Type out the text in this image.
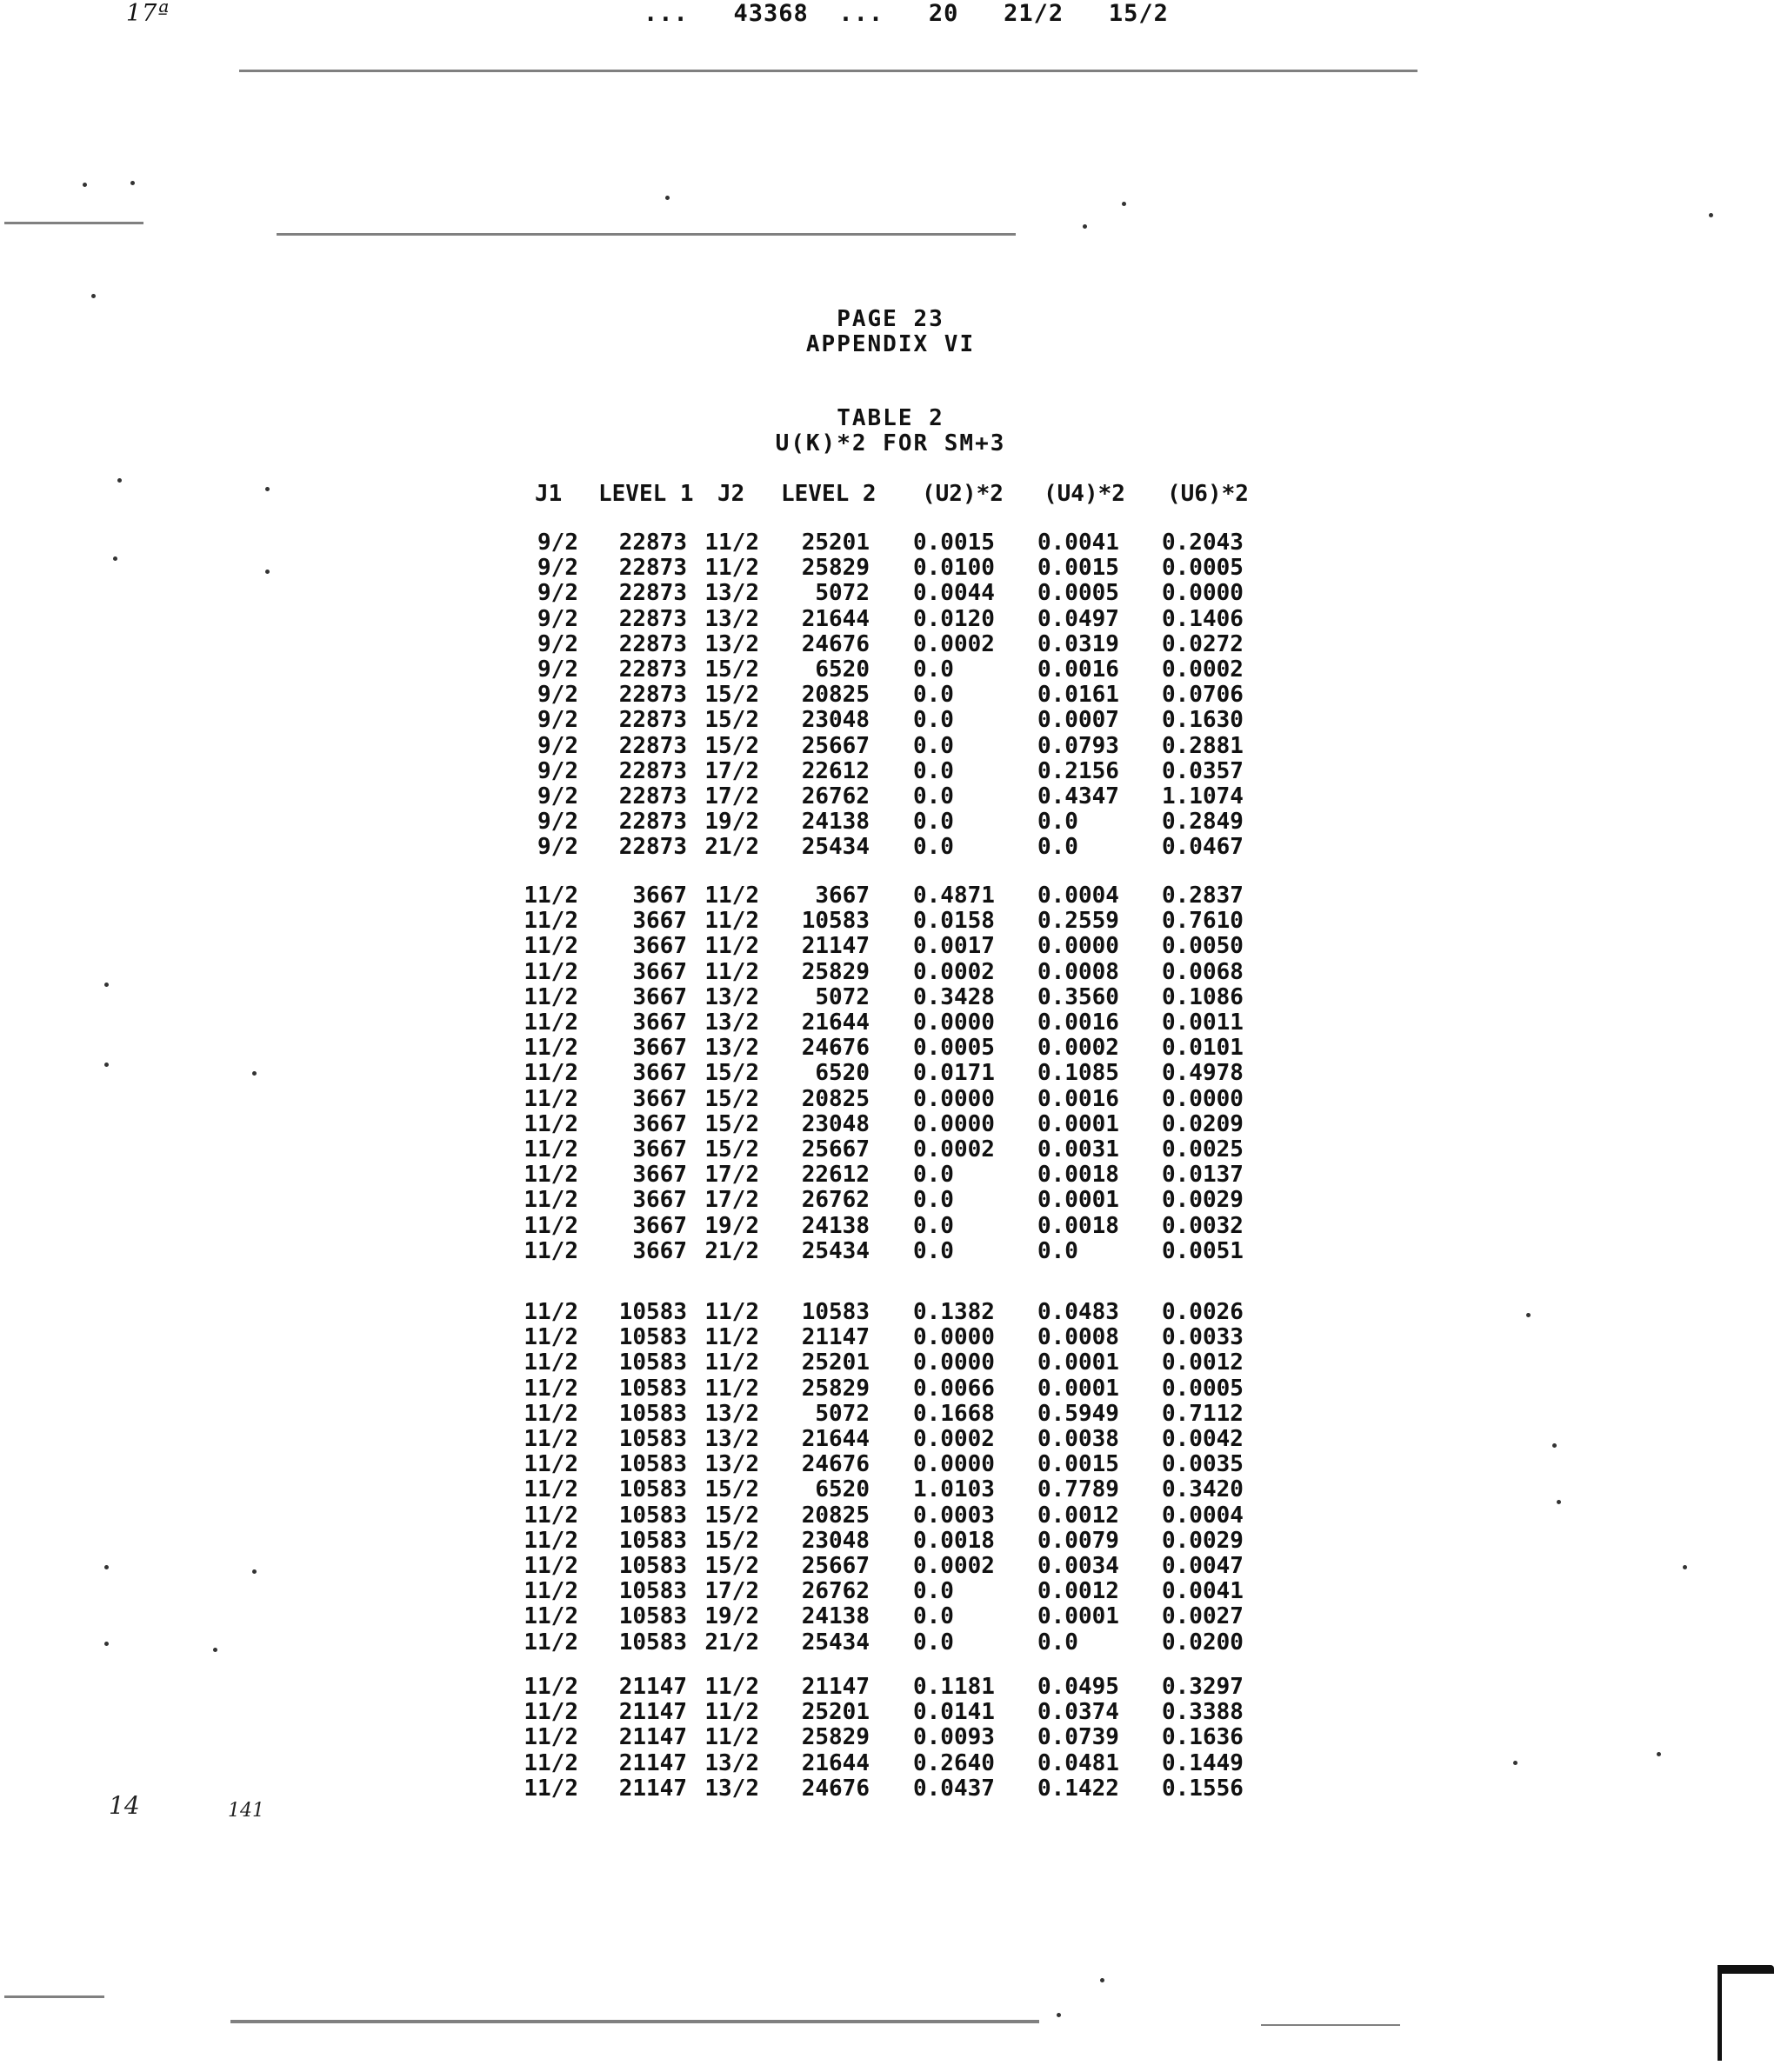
17ª	...   43368  ...   20   21/2   15/2
PAGE 23
APPENDIX VI
TABLE 2
U(K)*2 FOR SM+3
J1 LEVEL 1 J2 LEVEL 2 (U2)*2 (U4)*2 (U6)*2
9/2 22873 11/2 25201 0.0015 0.0041 0.2043
9/2 22873 11/2 25829 0.0100 0.0015 0.0005
9/2 22873 13/2 5072 0.0044 0.0005 0.0000
9/2 22873 13/2 21644 0.0120 0.0497 0.1406
9/2 22873 13/2 24676 0.0002 0.0319 0.0272
9/2 22873 15/2 6520 0.0	0.0016 0.0002
9/2 22873 15/2 20825 0.0	0.0161 0.0706
9/2 22873 15/2 23048 0.0	0.0007 0.1630
9/2 22873 15/2 25667 0.0	0.0793 0.2881
9/2 22873 17/2 22612 0.0	0.2156 0.0357
9/2 22873 17/2 26762 0.0	0.4347 1.1074
9/2 22873 19/2 24138 0.0	0.0	0.2849
9/2 22873 21/2 25434 0.0	0.0	0.0467
11/2 3667 11/2 3667 0.4871 0.0004 0.2837
11/2 3667 11/2 10583 0.0158 0.2559 0.7610
11/2 3667 11/2 21147 0.0017 0.0000 0.0050
11/2 3667 11/2 25829 0.0002 0.0008 0.0068
11/2 3667 13/2 5072 0.3428 0.3560 0.1086
11/2 3667 13/2 21644 0.0000 0.0016 0.0011
11/2 3667 13/2 24676 0.0005 0.0002 0.0101
11/2 3667 15/2 6520 0.0171 0.1085 0.4978
11/2 3667 15/2 20825 0.0000 0.0016 0.0000
11/2 3667 15/2 23048 0.0000 0.0001 0.0209
11/2 3667 15/2 25667 0.0002 0.0031 0.0025
11/2 3667 17/2 22612 0.0	0.0018 0.0137
11/2 3667 17/2 26762 0.0	0.0001 0.0029
11/2 3667 19/2 24138 0.0	0.0018 0.0032
11/2 3667 21/2 25434 0.0	0.0	0.0051
11/2 10583 11/2 10583 0.1382 0.0483 0.0026
11/2 10583 11/2 21147 0.0000 0.0008 0.0033
11/2 10583 11/2 25201 0.0000 0.0001 0.0012
11/2 10583 11/2 25829 0.0066 0.0001 0.0005
11/2 10583 13/2 5072 0.1668 0.5949 0.7112
11/2 10583 13/2 21644 0.0002 0.0038 0.0042
11/2 10583 13/2 24676 0.0000 0.0015 0.0035
11/2 10583 15/2 6520 1.0103 0.7789 0.3420
11/2 10583 15/2 20825 0.0003 0.0012 0.0004
11/2 10583 15/2 23048 0.0018 0.0079 0.0029
11/2 10583 15/2 25667 0.0002 0.0034 0.0047
11/2 10583 17/2 26762 0.0	0.0012 0.0041
11/2 10583 19/2 24138 0.0	0.0001 0.0027
11/2 10583 21/2 25434 0.0	0.0	0.0200
11/2 21147 11/2 21147 0.1181 0.0495 0.3297
11/2 21147 11/2 25201 0.0141 0.0374 0.3388
11/2 21147 11/2 25829 0.0093 0.0739 0.1636
11/2 21147 13/2 21644 0.2640 0.0481 0.1449
11/2 21147 13/2 24676 0.0437 0.1422 0.1556
14	141
